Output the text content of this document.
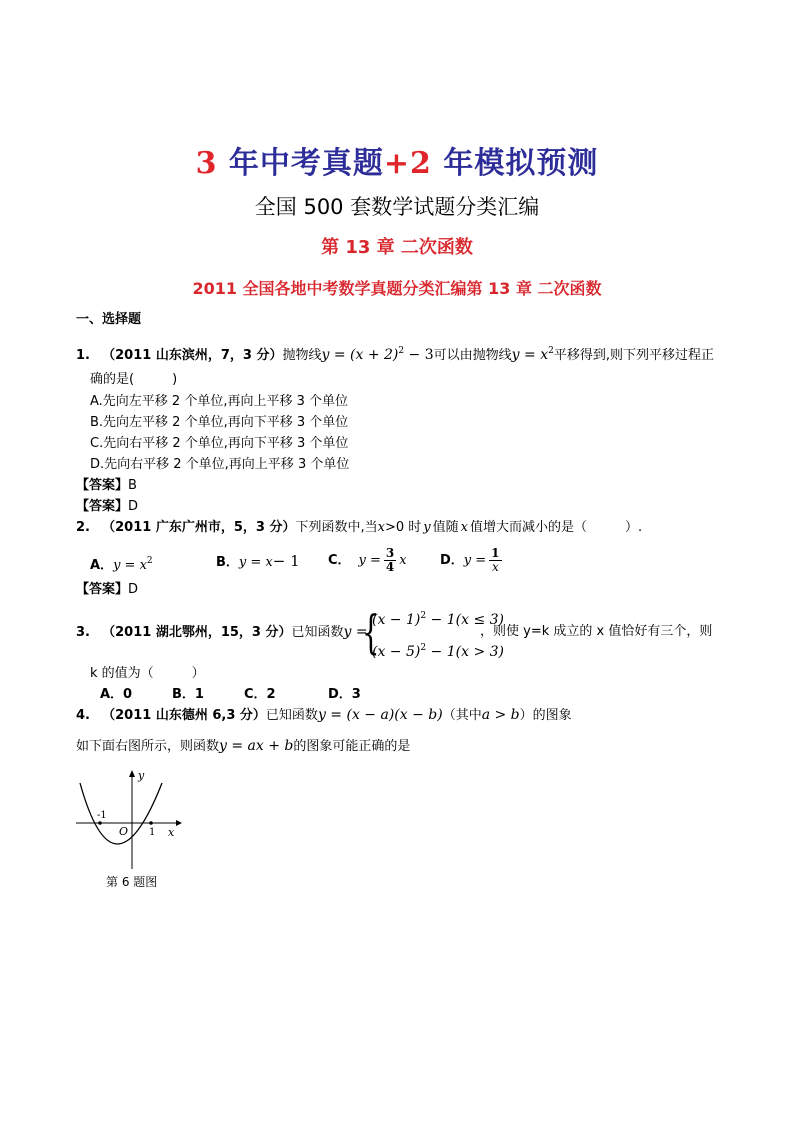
3 年中考真题+2 年模拟预测
全国 500 套数学试题分类汇编
第 13 章 二次函数
2011 全国各地中考数学真题分类汇编第 13 章 二次函数
一、选择题
1. （2011 山东滨州，7，3 分）抛物线$y = (x + 2)^2 - 3$可以由抛物线$y = x^2$平移得到,则下列平移过程正
确的是(	)
A.先向左平移 2 个单位,再向上平移 3 个单位
B.先向左平移 2 个单位,再向下平移 3 个单位
C.先向右平移 2 个单位,再向下平移 3 个单位
D.先向右平移 2 个单位,再向上平移 3 个单位
【答案】B
【答案】D
2. （2011 广东广州市，5，3 分）下列函数中,当x>0 时 y 值随 x 值增大而减小的是（	）.
A．$y = x^2$	B．y = x− 1 C． $y = \frac{3}{4}$ x	D．$y = \frac{1}{x}$
【答案】D
3. （2011 湖北鄂州，15，3 分）已知函数y =
{
$(x - 1)^2 - 1(x \le 3)$
$(x - 5)^2 - 1(x > 3)$
，则使 y=k 成立的 x 值恰好有三个，则
k 的值为（	）
A．0	B．1	C．2	D．3
4. （2011 山东德州 6,3 分）已知函数y = (x − a)(x − b)（其中a > b）的图象
如下面右图所示，则函数y = ax + b的图象可能正确的是
y
x
O
-1
1
第 6 题图
